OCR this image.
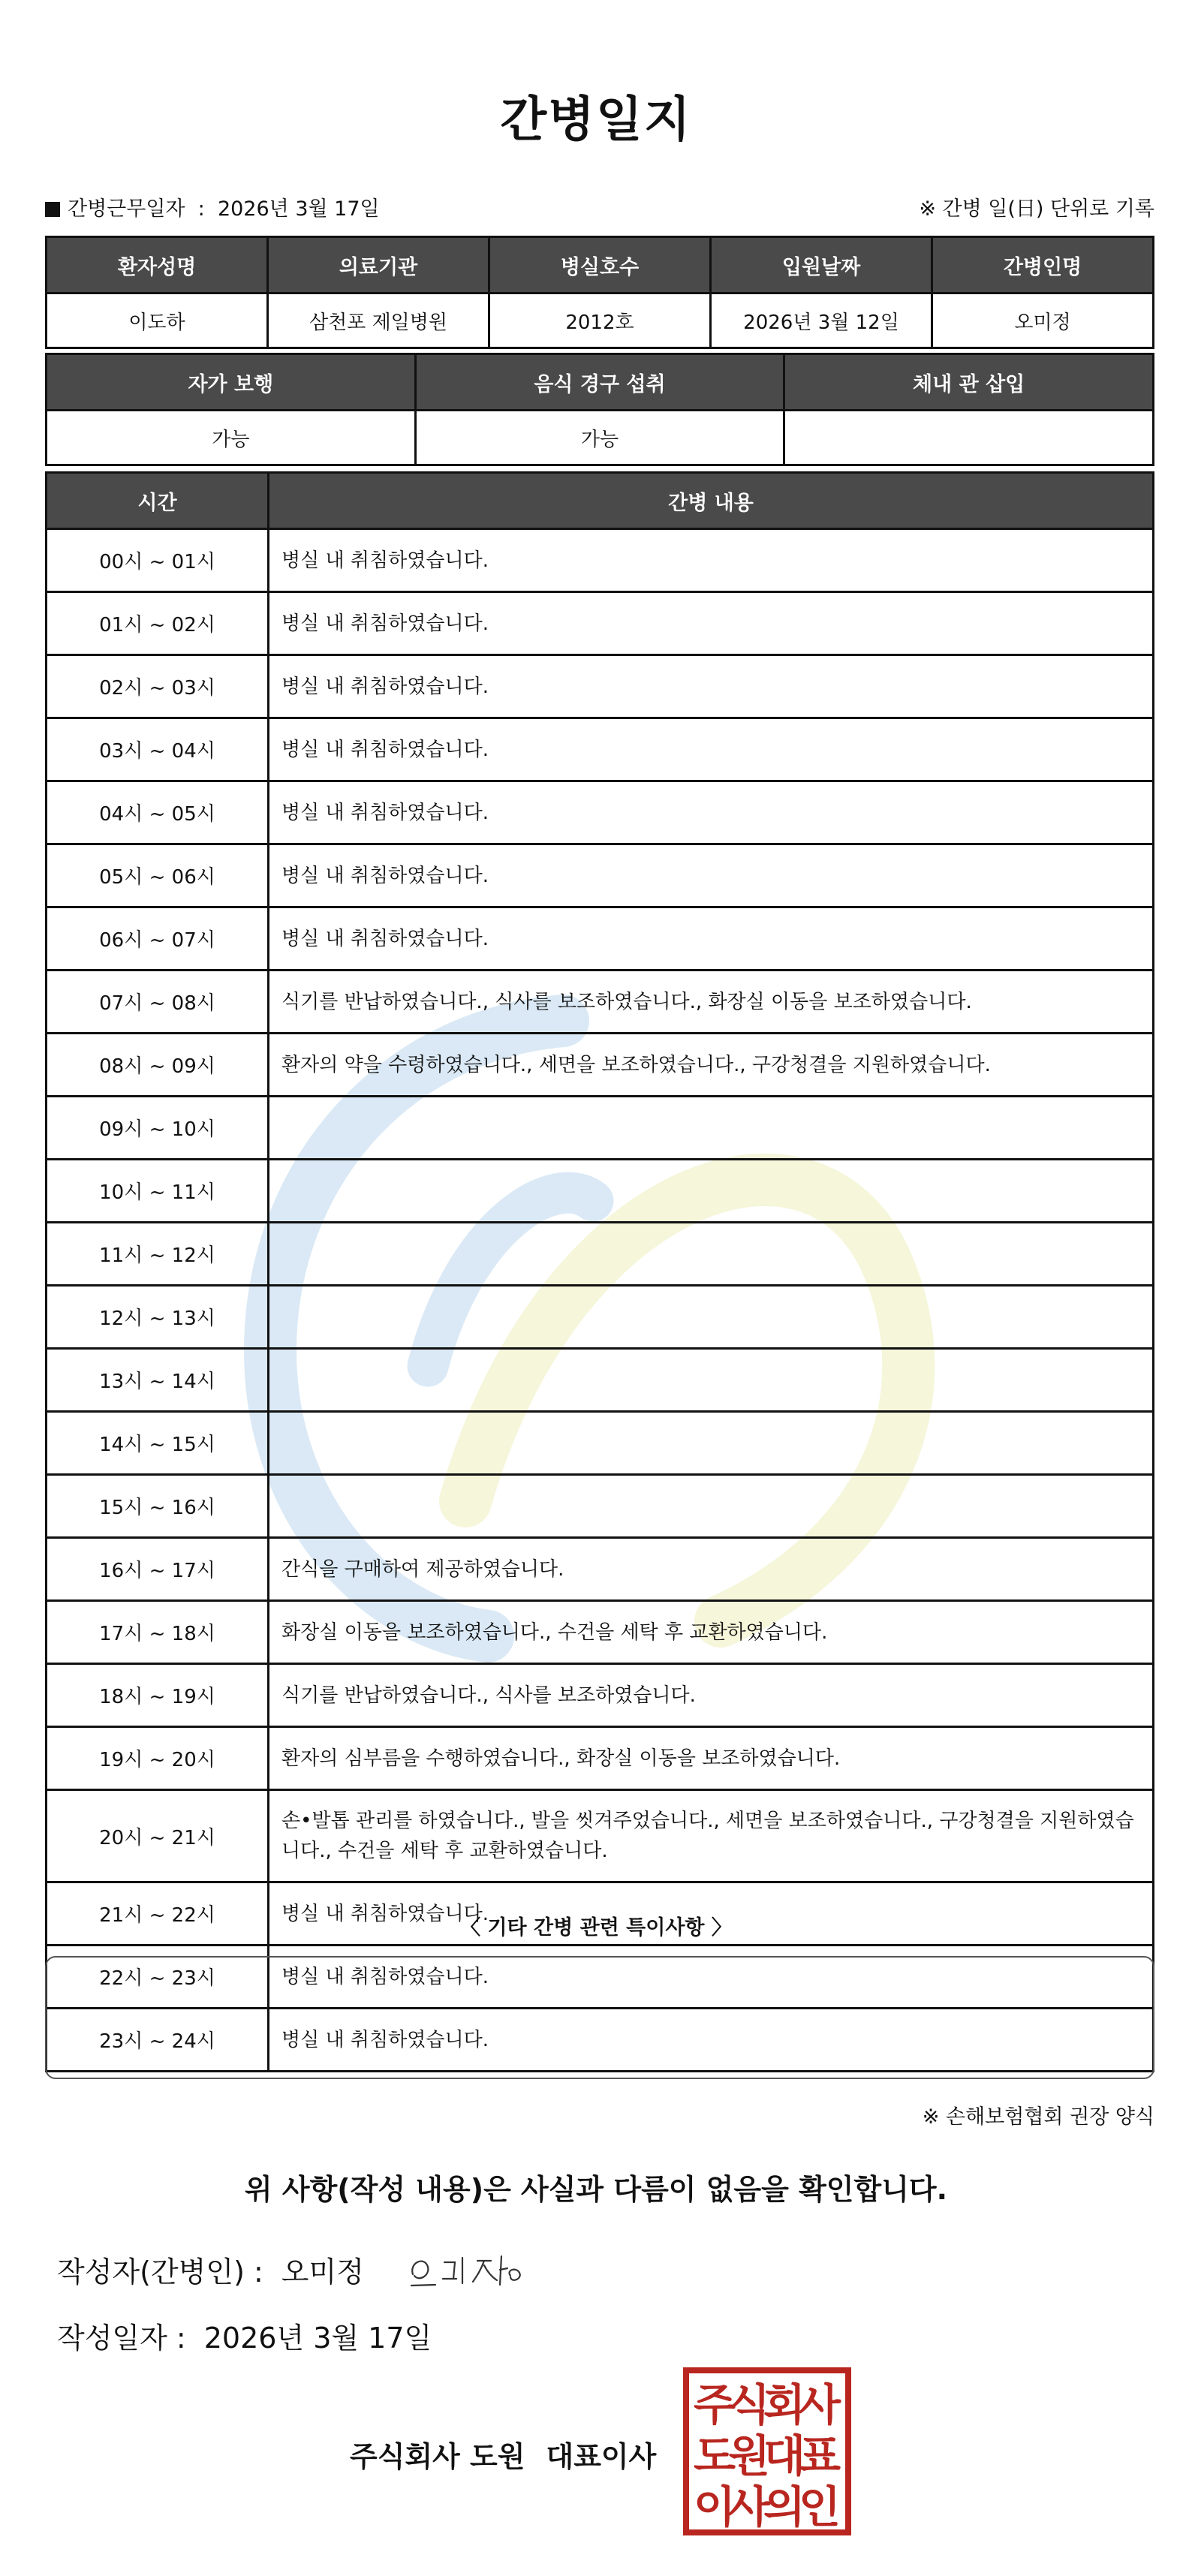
간병일지
간병근무일자 : 2026년 3월 17일	※ 간병 일(日) 단위로 기록
환자성명	의료기관	병실호수	입원날짜	간병인명
이도하	삼천포 제일병원	2012호	2026년 3월 12일	오미정
자가 보행	음식 경구 섭취	체내 관 삽입
가능	가능	
시간	간병 내용
00시 ~ 01시	병실 내 취침하였습니다.
01시 ~ 02시	병실 내 취침하였습니다.
02시 ~ 03시	병실 내 취침하였습니다.
03시 ~ 04시	병실 내 취침하였습니다.
04시 ~ 05시	병실 내 취침하였습니다.
05시 ~ 06시	병실 내 취침하였습니다.
06시 ~ 07시	병실 내 취침하였습니다.
07시 ~ 08시	식기를 반납하였습니다., 식사를 보조하였습니다., 화장실 이동을 보조하였습니다.
08시 ~ 09시	환자의 약을 수령하였습니다., 세면을 보조하였습니다., 구강청결을 지원하였습니다.
09시 ~ 10시	
10시 ~ 11시	
11시 ~ 12시	
12시 ~ 13시	
13시 ~ 14시	
14시 ~ 15시	
15시 ~ 16시	
16시 ~ 17시	간식을 구매하여 제공하였습니다.
17시 ~ 18시	화장실 이동을 보조하였습니다., 수건을 세탁 후 교환하였습니다.
18시 ~ 19시	식기를 반납하였습니다., 식사를 보조하였습니다.
19시 ~ 20시	환자의 심부름을 수행하였습니다., 화장실 이동을 보조하였습니다.
20시 ~ 21시	손•발톱 관리를 하였습니다., 발을 씻겨주었습니다., 세면을 보조하였습니다., 구강청결을 지원하였습니다., 수건을 세탁 후 교환하였습니다.
21시 ~ 22시	병실 내 취침하였습니다.
22시 ~ 23시	병실 내 취침하였습니다.
23시 ~ 24시	병실 내 취침하였습니다.
〈 기타 간병 관련 특이사항 〉
※ 손해보험협회 권장 양식
위 사항(작성 내용)은 사실과 다름이 없음을 확인합니다.
작성자(간병인) : 오미정
작성일자 : 2026년 3월 17일
주식회사 도원 대표이사
주
식
회
사
도
원
대
표
이
사
의
인
